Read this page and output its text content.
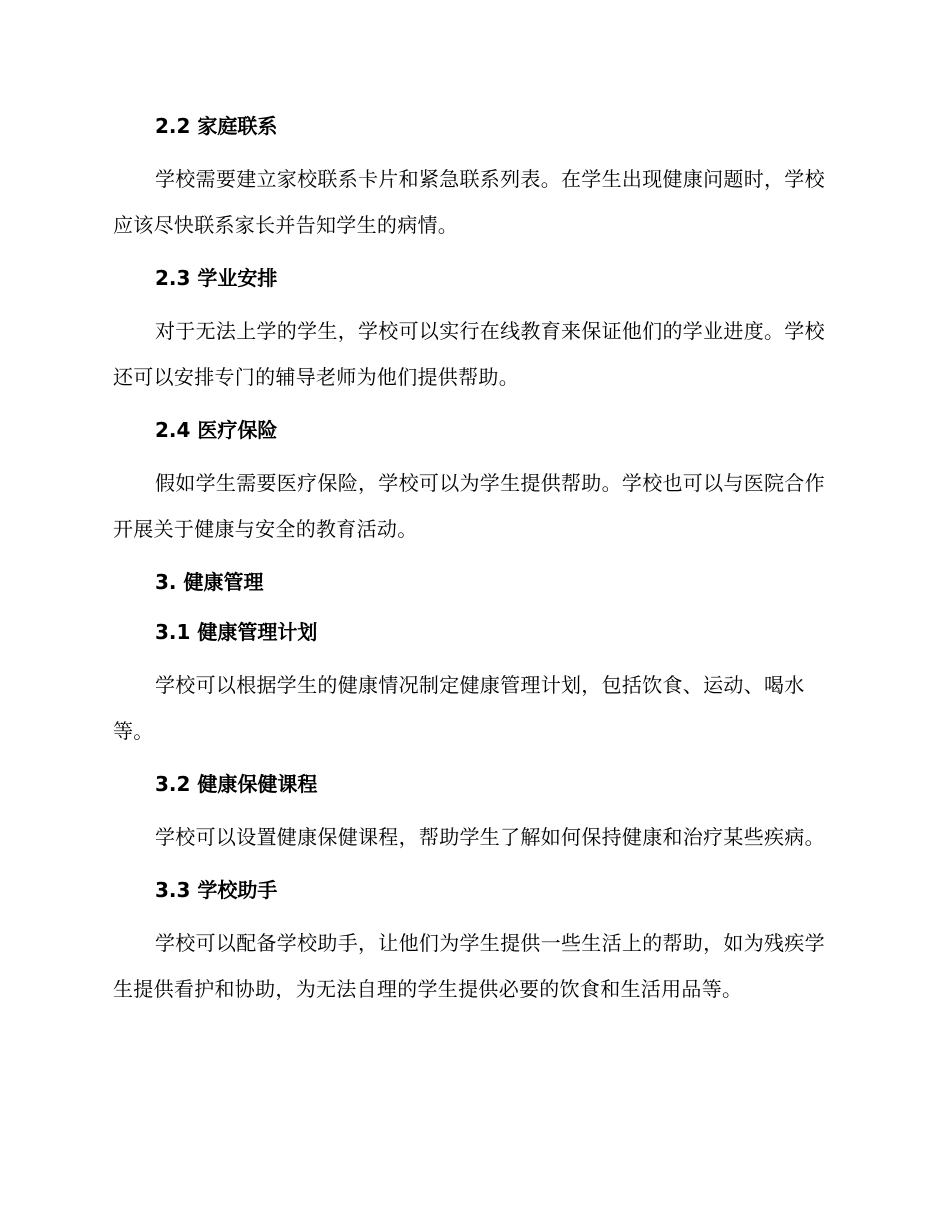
2.2 家庭联系

学校需要建立家校联系卡片和紧急联系列表。在学生出现健康问题时，学校应该尽快联系家长并告知学生的病情。

2.3 学业安排

对于无法上学的学生，学校可以实行在线教育来保证他们的学业进度。学校还可以安排专门的辅导老师为他们提供帮助。

2.4 医疗保险

假如学生需要医疗保险，学校可以为学生提供帮助。学校也可以与医院合作开展关于健康与安全的教育活动。

3. 健康管理
3.1 健康管理计划

学校可以根据学生的健康情况制定健康管理计划，包括饮食、运动、喝水等。

3.2 健康保健课程

学校可以设置健康保健课程，帮助学生了解如何保持健康和治疗某些疾病。

3.3 学校助手

学校可以配备学校助手，让他们为学生提供一些生活上的帮助，如为残疾学生提供看护和协助，为无法自理的学生提供必要的饮食和生活用品等。
